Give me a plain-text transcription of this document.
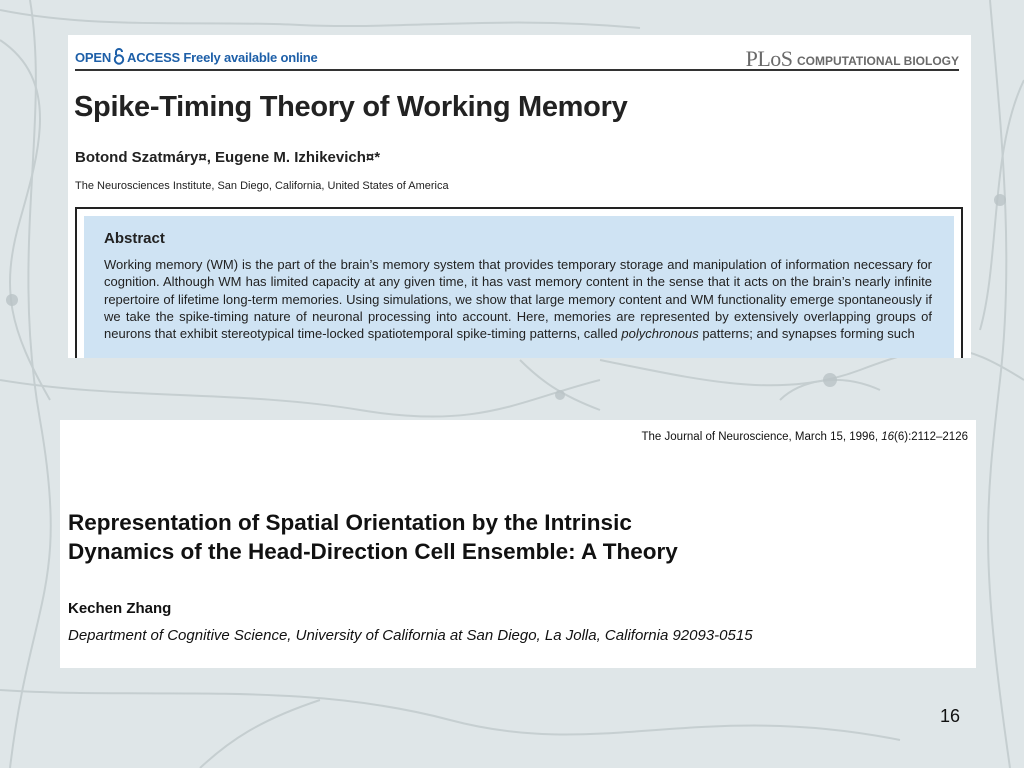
OPEN ACCESS Freely available online	PLoS COMPUTATIONAL BIOLOGY
Spike-Timing Theory of Working Memory
Botond Szatmáry¤, Eugene M. Izhikevich¤*
The Neurosciences Institute, San Diego, California, United States of America
Abstract
Working memory (WM) is the part of the brain’s memory system that provides temporary storage and manipulation of information necessary for cognition. Although WM has limited capacity at any given time, it has vast memory content in the sense that it acts on the brain’s nearly infinite repertoire of lifetime long-term memories. Using simulations, we show that large memory content and WM functionality emerge spontaneously if we take the spike-timing nature of neuronal processing into account. Here, memories are represented by extensively overlapping groups of neurons that exhibit stereotypical time-locked spatiotemporal spike-timing patterns, called polychronous patterns; and synapses forming such
The Journal of Neuroscience, March 15, 1996, 16(6):2112–2126
Representation of Spatial Orientation by the Intrinsic
Dynamics of the Head-Direction Cell Ensemble: A Theory
Kechen Zhang
Department of Cognitive Science, University of California at San Diego, La Jolla, California 92093-0515
16
